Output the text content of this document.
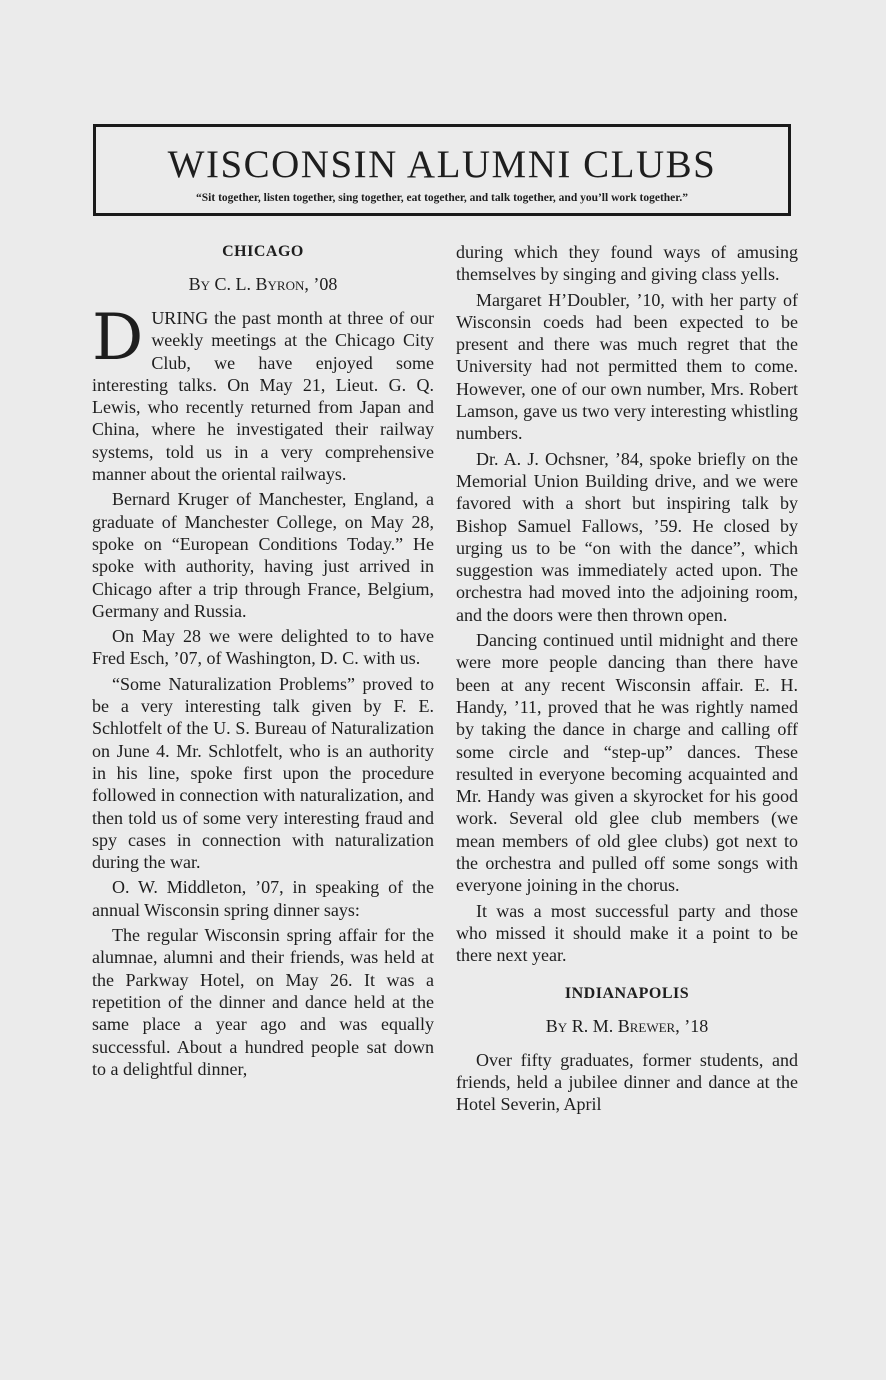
WISCONSIN ALUMNI CLUBS
“Sit together, listen together, sing together, eat together, and talk together, and you’ll work together.”
CHICAGO
By C. L. Byron, ’08

DURING the past month at three of our weekly meetings at the Chicago City Club, we have enjoyed some interesting talks. On May 21, Lieut. G. Q. Lewis, who recently returned from Japan and China, where he investigated their railway systems, told us in a very comprehensive manner about the oriental railways.

Bernard Kruger of Manchester, England, a graduate of Manchester College, on May 28, spoke on “European Conditions Today.” He spoke with authority, having just arrived in Chicago after a trip through France, Belgium, Germany and Russia.

On May 28 we were delighted to to have Fred Esch, ’07, of Washington, D. C. with us.

“Some Naturalization Problems” proved to be a very interesting talk given by F. E. Schlotfelt of the U. S. Bureau of Naturalization on June 4. Mr. Schlotfelt, who is an authority in his line, spoke first upon the procedure followed in connection with naturalization, and then told us of some very interesting fraud and spy cases in connection with naturalization during the war.

O. W. Middleton, ’07, in speaking of the annual Wisconsin spring dinner says:

The regular Wisconsin spring affair for the alumnae, alumni and their friends, was held at the Parkway Hotel, on May 26. It was a repetition of the dinner and dance held at the same place a year ago and was equally successful. About a hundred people sat down to a delightful dinner,

during which they found ways of amusing themselves by singing and giving class yells.

Margaret H’Doubler, ’10, with her party of Wisconsin coeds had been expected to be present and there was much regret that the University had not permitted them to come. However, one of our own number, Mrs. Robert Lamson, gave us two very interesting whistling numbers.

Dr. A. J. Ochsner, ’84, spoke briefly on the Memorial Union Building drive, and we were favored with a short but inspiring talk by Bishop Samuel Fallows, ’59. He closed by urging us to be “on with the dance”, which suggestion was immediately acted upon. The orchestra had moved into the adjoining room, and the doors were then thrown open.

Dancing continued until midnight and there were more people dancing than there have been at any recent Wisconsin affair. E. H. Handy, ’11, proved that he was rightly named by taking the dance in charge and calling off some circle and “step-up” dances. These resulted in everyone becoming acquainted and Mr. Handy was given a skyrocket for his good work. Several old glee club members (we mean members of old glee clubs) got next to the orchestra and pulled off some songs with everyone joining in the chorus.

It was a most successful party and those who missed it should make it a point to be there next year.

INDIANAPOLIS
By R. M. Brewer, ’18

Over fifty graduates, former students, and friends, held a jubilee dinner and dance at the Hotel Severin, April
